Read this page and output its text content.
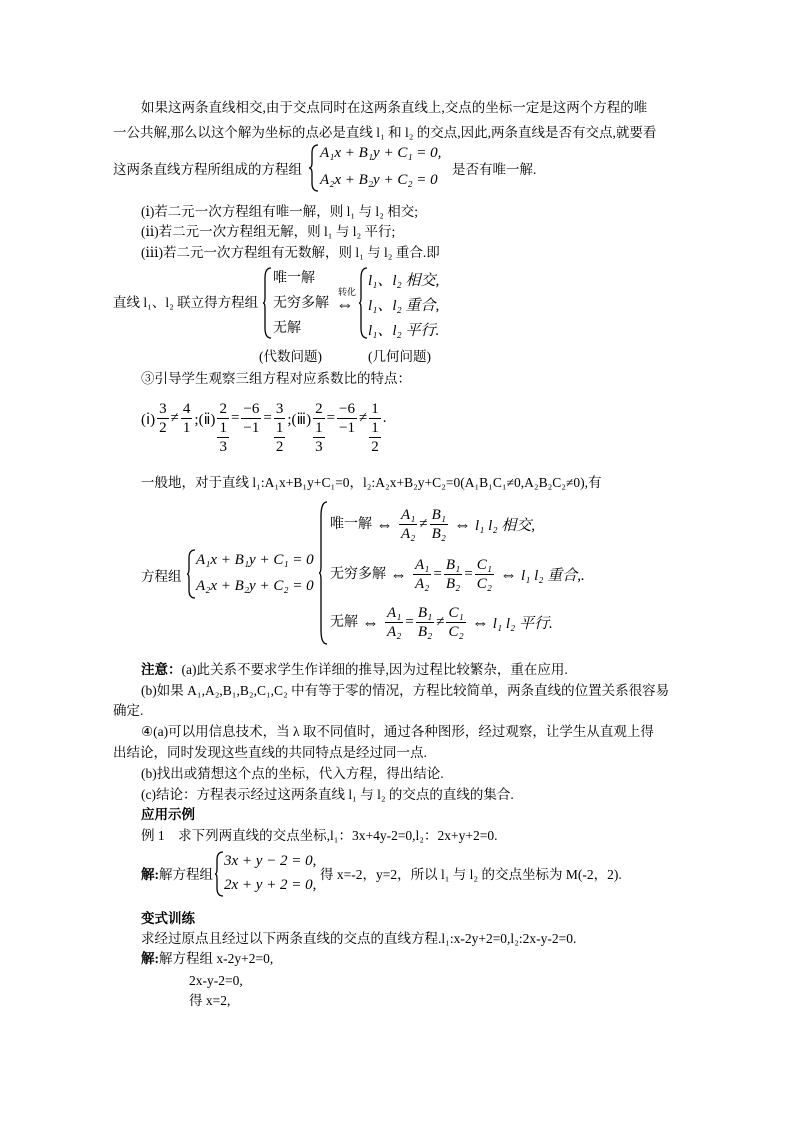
如果这两条直线相交,由于交点同时在这两条直线上,交点的坐标一定是这两个方程的唯
一公共解,那么以这个解为坐标的点必是直线 l₁ 和 l₂ 的交点,因此,两条直线是否有交点,就要看
这两条直线方程所组成的方程组
A₁x + B₁y + C₁ = 0,
A₂x + B₂y + C₂ = 0
是否有唯一解.
(ⅰ)若二元一次方程组有唯一解，则 l₁ 与 l₂ 相交;
(ⅱ)若二元一次方程组无解，则 l₁ 与 l₂ 平行;
(ⅲ)若二元一次方程组有无数解，则 l₁ 与 l₂ 重合.即
直线 l₁、l₂ 联立得方程组
唯一解
无穷多解
无解
转化
⇔
l₁、l₂ 相交,
l₁、l₂ 重合,
l₁、l₂ 平行.
(代数问题)	(几何问题)
③引导学生观察三组方程对应系数比的特点：
(ⅰ) $\frac{3}{2} \ne \frac{4}{1}$ ;(ⅱ) $\frac{2}{\frac{1}{3}} = \frac{-6}{-1} = \frac{3}{\frac{1}{2}}$ ;(ⅲ) $\frac{2}{\frac{1}{3}} = \frac{-6}{-1} \ne \frac{1}{\frac{1}{2}}$ .
一般地，对于直线 l₁:A₁x+B₁y+C₁=0，l₂:A₂x+B₂y+C₂=0(A₁B₁C₁≠0,A₂B₂C₂≠0),有
方程组
A₁x + B₁y + C₁ = 0
A₂x + B₂y + C₂ = 0
唯一解 ⇔ $\frac{\text{A₁}}{\text{A₂}} \ne \frac{\text{B₁}}{\text{B₂}}$ ⇔ l₁ l₂ 相交,
无穷多解 ⇔ $\frac{\text{A₁}}{\text{A₂}} = \frac{\text{B₁}}{\text{B₂}} = \frac{\text{C₁}}{\text{C₂}}$ ⇔ l₁ l₂ 重合,.
无解 ⇔ $\frac{\text{A₁}}{\text{A₂}} = \frac{\text{B₁}}{\text{B₂}} \ne \frac{\text{C₁}}{\text{C₂}}$ ⇔ l₁ l₂ 平行.
注意：(a)此关系不要求学生作详细的推导,因为过程比较繁杂，重在应用.
(b)如果 A₁,A₂,B₁,B₂,C₁,C₂ 中有等于零的情况，方程比较简单，两条直线的位置关系很容易
确定.
④(a)可以用信息技术，当 λ 取不同值时，通过各种图形，经过观察，让学生从直观上得
出结论，同时发现这些直线的共同特点是经过同一点.
(b)找出或猜想这个点的坐标，代入方程，得出结论.
(c)结论：方程表示经过这两条直线 l₁ 与 l₂ 的交点的直线的集合.
应用示例
例 1　求下列两直线的交点坐标,l₁：3x+4y-2=0,l₂：2x+y+2=0.
解:解方程组
3x + y − 2 = 0,
2x + y + 2 = 0,
得 x=-2，y=2，所以 l₁ 与 l₂ 的交点坐标为 M(-2，2).
变式训练
求经过原点且经过以下两条直线的交点的直线方程.l₁:x-2y+2=0,l₂:2x-y-2=0.
解:解方程组 x-2y+2=0,
2x-y-2=0,
得 x=2,
